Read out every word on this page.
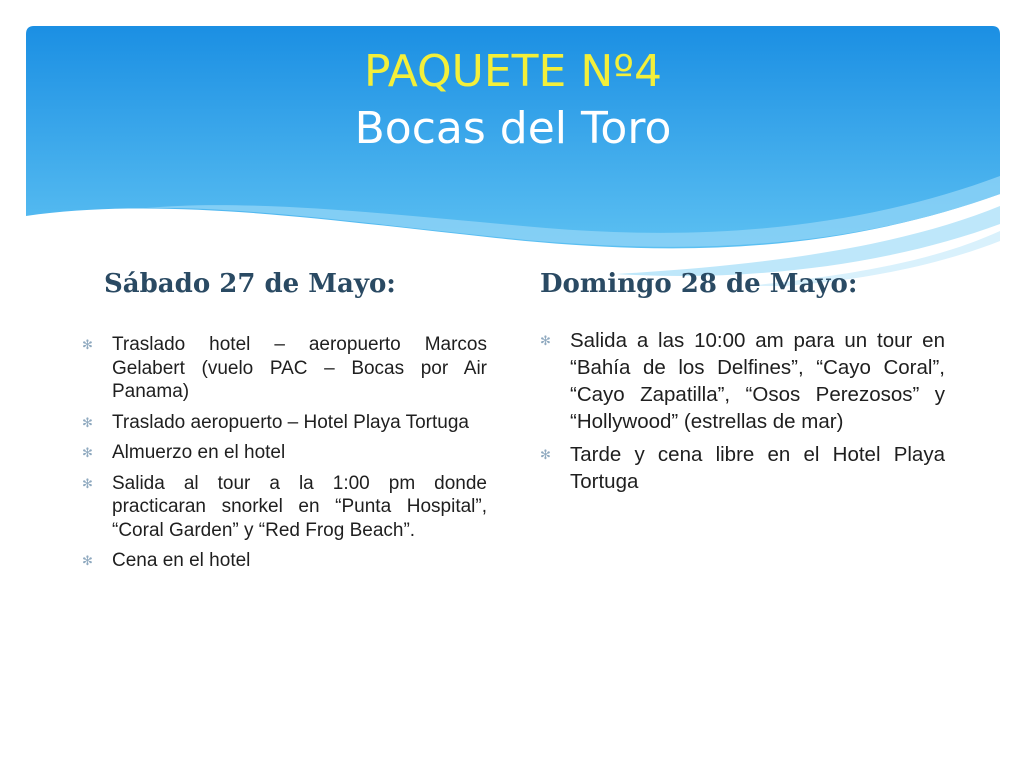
PAQUETE Nº4
Bocas del Toro
Sábado 27 de Mayo:	Domingo 28 de Mayo:
✻ Traslado hotel – aeropuerto Marcos Gelabert (vuelo PAC – Bocas por Air Panama)
✻ Traslado aeropuerto – Hotel Playa Tortuga
✻ Almuerzo en el hotel
✻ Salida al tour a la 1:00 pm donde practicaran snorkel en “Punta Hospital”, “Coral Garden” y “Red Frog Beach”.
✻ Cena en el hotel
✻ Salida a las 10:00 am para un tour en “Bahía de los Delfines”, “Cayo Coral”, “Cayo Zapatilla”, “Osos Perezosos” y “Hollywood” (estrellas de mar)
✻ Tarde y cena libre en el Hotel Playa Tortuga
